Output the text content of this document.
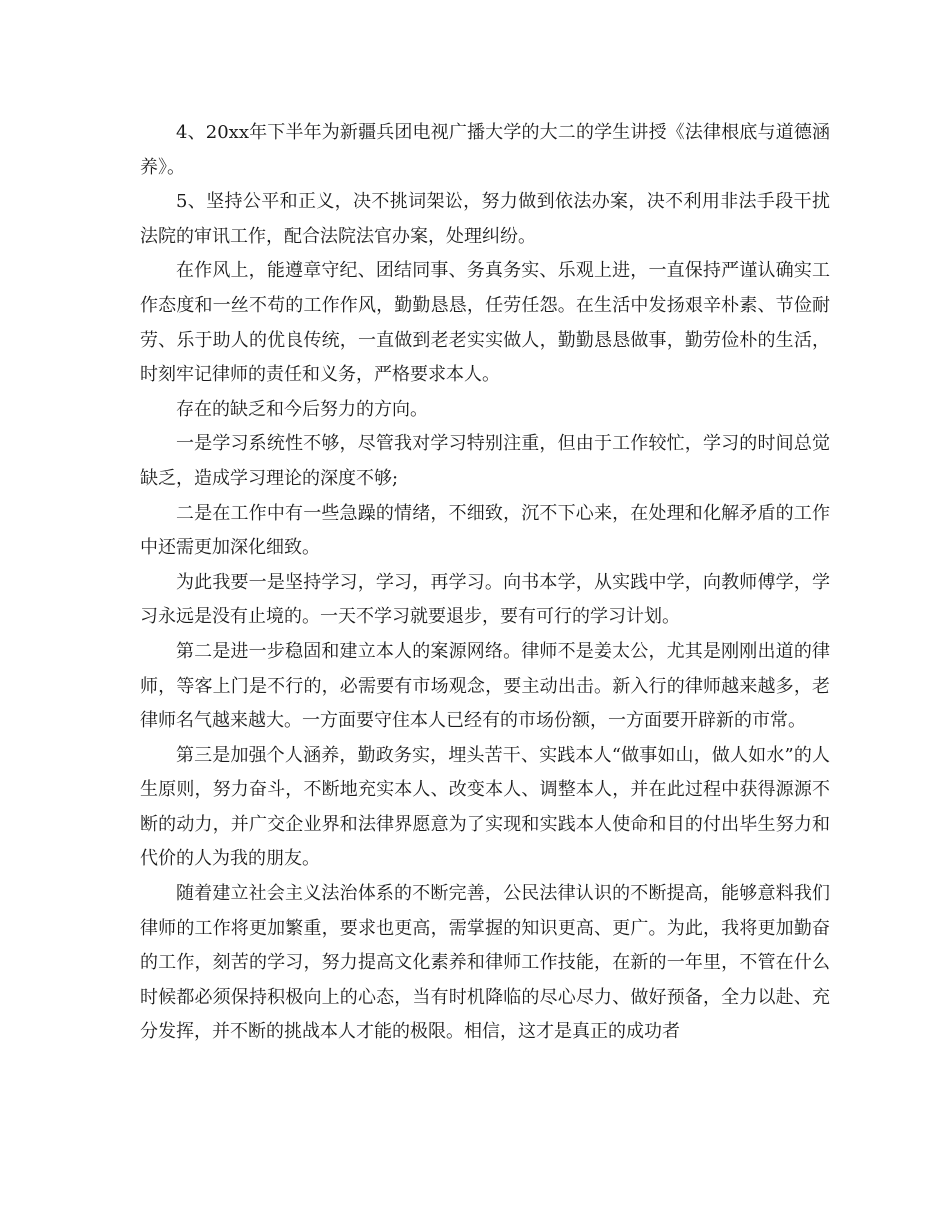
4、20xx年下半年为新疆兵团电视广播大学的大二的学生讲授《法律根底与道德涵养》。

5、坚持公平和正义，决不挑词架讼，努力做到依法办案，决不利用非法手段干扰法院的审讯工作，配合法院法官办案，处理纠纷。

在作风上，能遵章守纪、团结同事、务真务实、乐观上进，一直保持严谨认确实工作态度和一丝不苟的工作作风，勤勤恳恳，任劳任怨。在生活中发扬艰辛朴素、节俭耐劳、乐于助人的优良传统，一直做到老老实实做人，勤勤恳恳做事，勤劳俭朴的生活，时刻牢记律师的责任和义务，严格要求本人。

存在的缺乏和今后努力的方向。

一是学习系统性不够，尽管我对学习特别注重，但由于工作较忙，学习的时间总觉缺乏，造成学习理论的深度不够;

二是在工作中有一些急躁的情绪，不细致，沉不下心来，在处理和化解矛盾的工作中还需更加深化细致。

为此我要一是坚持学习，学习，再学习。向书本学，从实践中学，向教师傅学，学习永远是没有止境的。一天不学习就要退步，要有可行的学习计划。

第二是进一步稳固和建立本人的案源网络。律师不是姜太公，尤其是刚刚出道的律师，等客上门是不行的，必需要有市场观念，要主动出击。新入行的律师越来越多，老律师名气越来越大。一方面要守住本人已经有的市场份额，一方面要开辟新的市常。

第三是加强个人涵养，勤政务实，埋头苦干、实践本人“做事如山，做人如水”的人生原则，努力奋斗，不断地充实本人、改变本人、调整本人，并在此过程中获得源源不断的动力，并广交企业界和法律界愿意为了实现和实践本人使命和目的付出毕生努力和代价的人为我的朋友。

随着建立社会主义法治体系的不断完善，公民法律认识的不断提高，能够意料我们律师的工作将更加繁重，要求也更高，需掌握的知识更高、更广。为此，我将更加勤奋的工作，刻苦的学习，努力提高文化素养和律师工作技能，在新的一年里，不管在什么时候都必须保持积极向上的心态，当有时机降临的尽心尽力、做好预备，全力以赴、充分发挥，并不断的挑战本人才能的极限。相信，这才是真正的成功者
